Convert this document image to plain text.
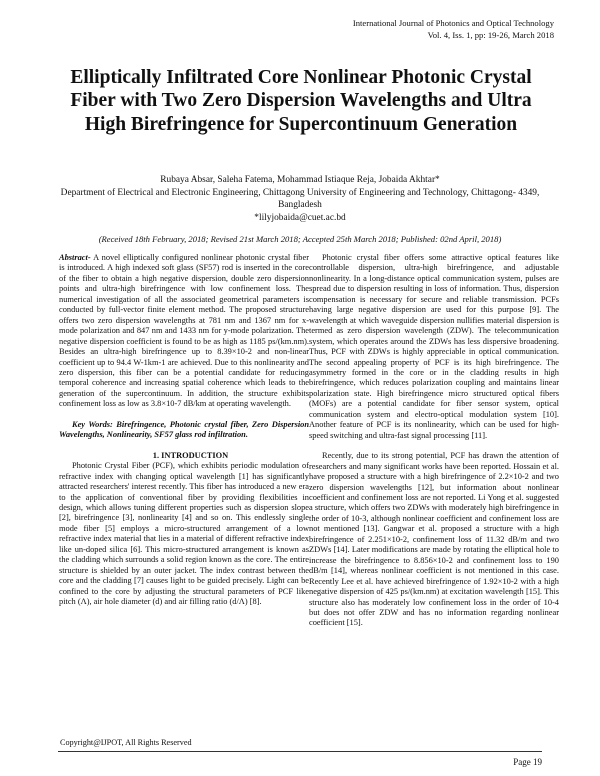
International Journal of Photonics and Optical Technology
Vol. 4, Iss. 1, pp: 19-26, March 2018
Elliptically Infiltrated Core Nonlinear Photonic Crystal Fiber with Two Zero Dispersion Wavelengths and Ultra High Birefringence for Supercontinuum Generation
Rubaya Absar, Saleha Fatema, Mohammad Istiaque Reja, Jobaida Akhtar*
Department of Electrical and Electronic Engineering, Chittagong University of Engineering and Technology, Chittagong- 4349, Bangladesh
*lilyjobaida@cuet.ac.bd
(Received 18th February, 2018; Revised 21st March 2018; Accepted 25th March 2018; Published: 02nd April, 2018)

Abstract- A novel elliptically configured nonlinear photonic crystal fiber is introduced. A high indexed soft glass (SF57) rod is inserted in the core of the fiber to obtain a high negative dispersion, double zero dispersion points and ultra-high birefringence with low confinement loss. The numerical investigation of all the associated geometrical parameters is conducted by full-vector finite element method. The proposed structure offers two zero dispersion wavelengths at 781 nm and 1367 nm for x-mode polarization and 847 nm and 1433 nm for y-mode polarization. The negative dispersion coefficient is found to be as high as 1185 ps/(km.nm). Besides an ultra-high birefringence up to 8.39×10-2 and non-linear coefficient up to 94.4 W-1km-1 are achieved. Due to this nonlinearity and zero dispersion, this fiber can be a potential candidate for reducing temporal coherence and increasing spatial coherence which leads to the generation of the supercontinuum. In addition, the structure exhibits confinement loss as low as 3.8×10-7 dB/km at operating wavelength.

Key Words: Birefringence, Photonic crystal fiber, Zero Dispersion Wavelengths, Nonlinearity, SF57 glass rod infiltration.

1. INTRODUCTION

Photonic Crystal Fiber (PCF), which exhibits periodic modulation of refractive index with changing optical wavelength [1] has significantly attracted researchers' interest recently. This fiber has introduced a new era to the application of conventional fiber by providing flexibilities in design, which allows tuning different properties such as dispersion slope [2], birefringence [3], nonlinearity [4] and so on. This endlessly single mode fiber [5] employs a micro-structured arrangement of a low refractive index material that lies in a material of different refractive index like un-doped silica [6]. This micro-structured arrangement is known as the cladding which surrounds a solid region known as the core. The entire structure is shielded by an outer jacket. The index contrast between the core and the cladding [7] causes light to be guided precisely. Light can be confined to the core by adjusting the structural parameters of PCF like pitch (Λ), air hole diameter (d) and air filling ratio (d/Λ) [8].

Photonic crystal fiber offers some attractive optical features like controllable dispersion, ultra-high birefringence, and adjustable nonlinearity. In a long-distance optical communication system, pulses are spread due to dispersion resulting in loss of information. Thus, dispersion compensation is necessary for secure and reliable transmission. PCFs having large negative dispersion are used for this purpose [9]. The wavelength at which waveguide dispersion nullifies material dispersion is termed as zero dispersion wavelength (ZDW). The telecommunication system, which operates around the ZDWs has less dispersive broadening. Thus, PCF with ZDWs is highly appreciable in optical communication. The second appealing property of PCF is its high birefringence. The asymmetry formed in the core or in the cladding results in high birefringence, which reduces polarization coupling and maintains linear polarization state. High birefringence micro structured optical fibers (MOFs) are a potential candidate for fiber sensor system, optical communication system and electro-optical modulation system [10]. Another feature of PCF is its nonlinearity, which can be used for high-speed switching and ultra-fast signal processing [11].

Recently, due to its strong potential, PCF has drawn the attention of researchers and many significant works have been reported. Hossain et al. have proposed a structure with a high birefringence of 2.2×10-2 and two zero dispersion wavelengths [12], but information about nonlinear coefficient and confinement loss are not reported. Li Yong et al. suggested a structure, which offers two ZDWs with moderately high birefringence in the order of 10-3, although nonlinear coefficient and confinement loss are not mentioned [13]. Gangwar et al. proposed a structure with a high birefringence of 2.251×10-2, confinement loss of 11.32 dB/m and two ZDWs [14]. Later modifications are made by rotating the elliptical hole to increase the birefringence to 8.856×10-2 and confinement loss to 190 dB/m [14], whereas nonlinear coefficient is not mentioned in this case. Recently Lee et al. have achieved birefringence of 1.92×10-2 with a high negative dispersion of 425 ps/(km.nm) at excitation wavelength [15]. This structure also has moderately low confinement loss in the order of 10-4 but does not offer ZDW and has no information regarding nonlinear coefficient [15].

Copyright@IJPOT, All Rights Reserved
Page 19
